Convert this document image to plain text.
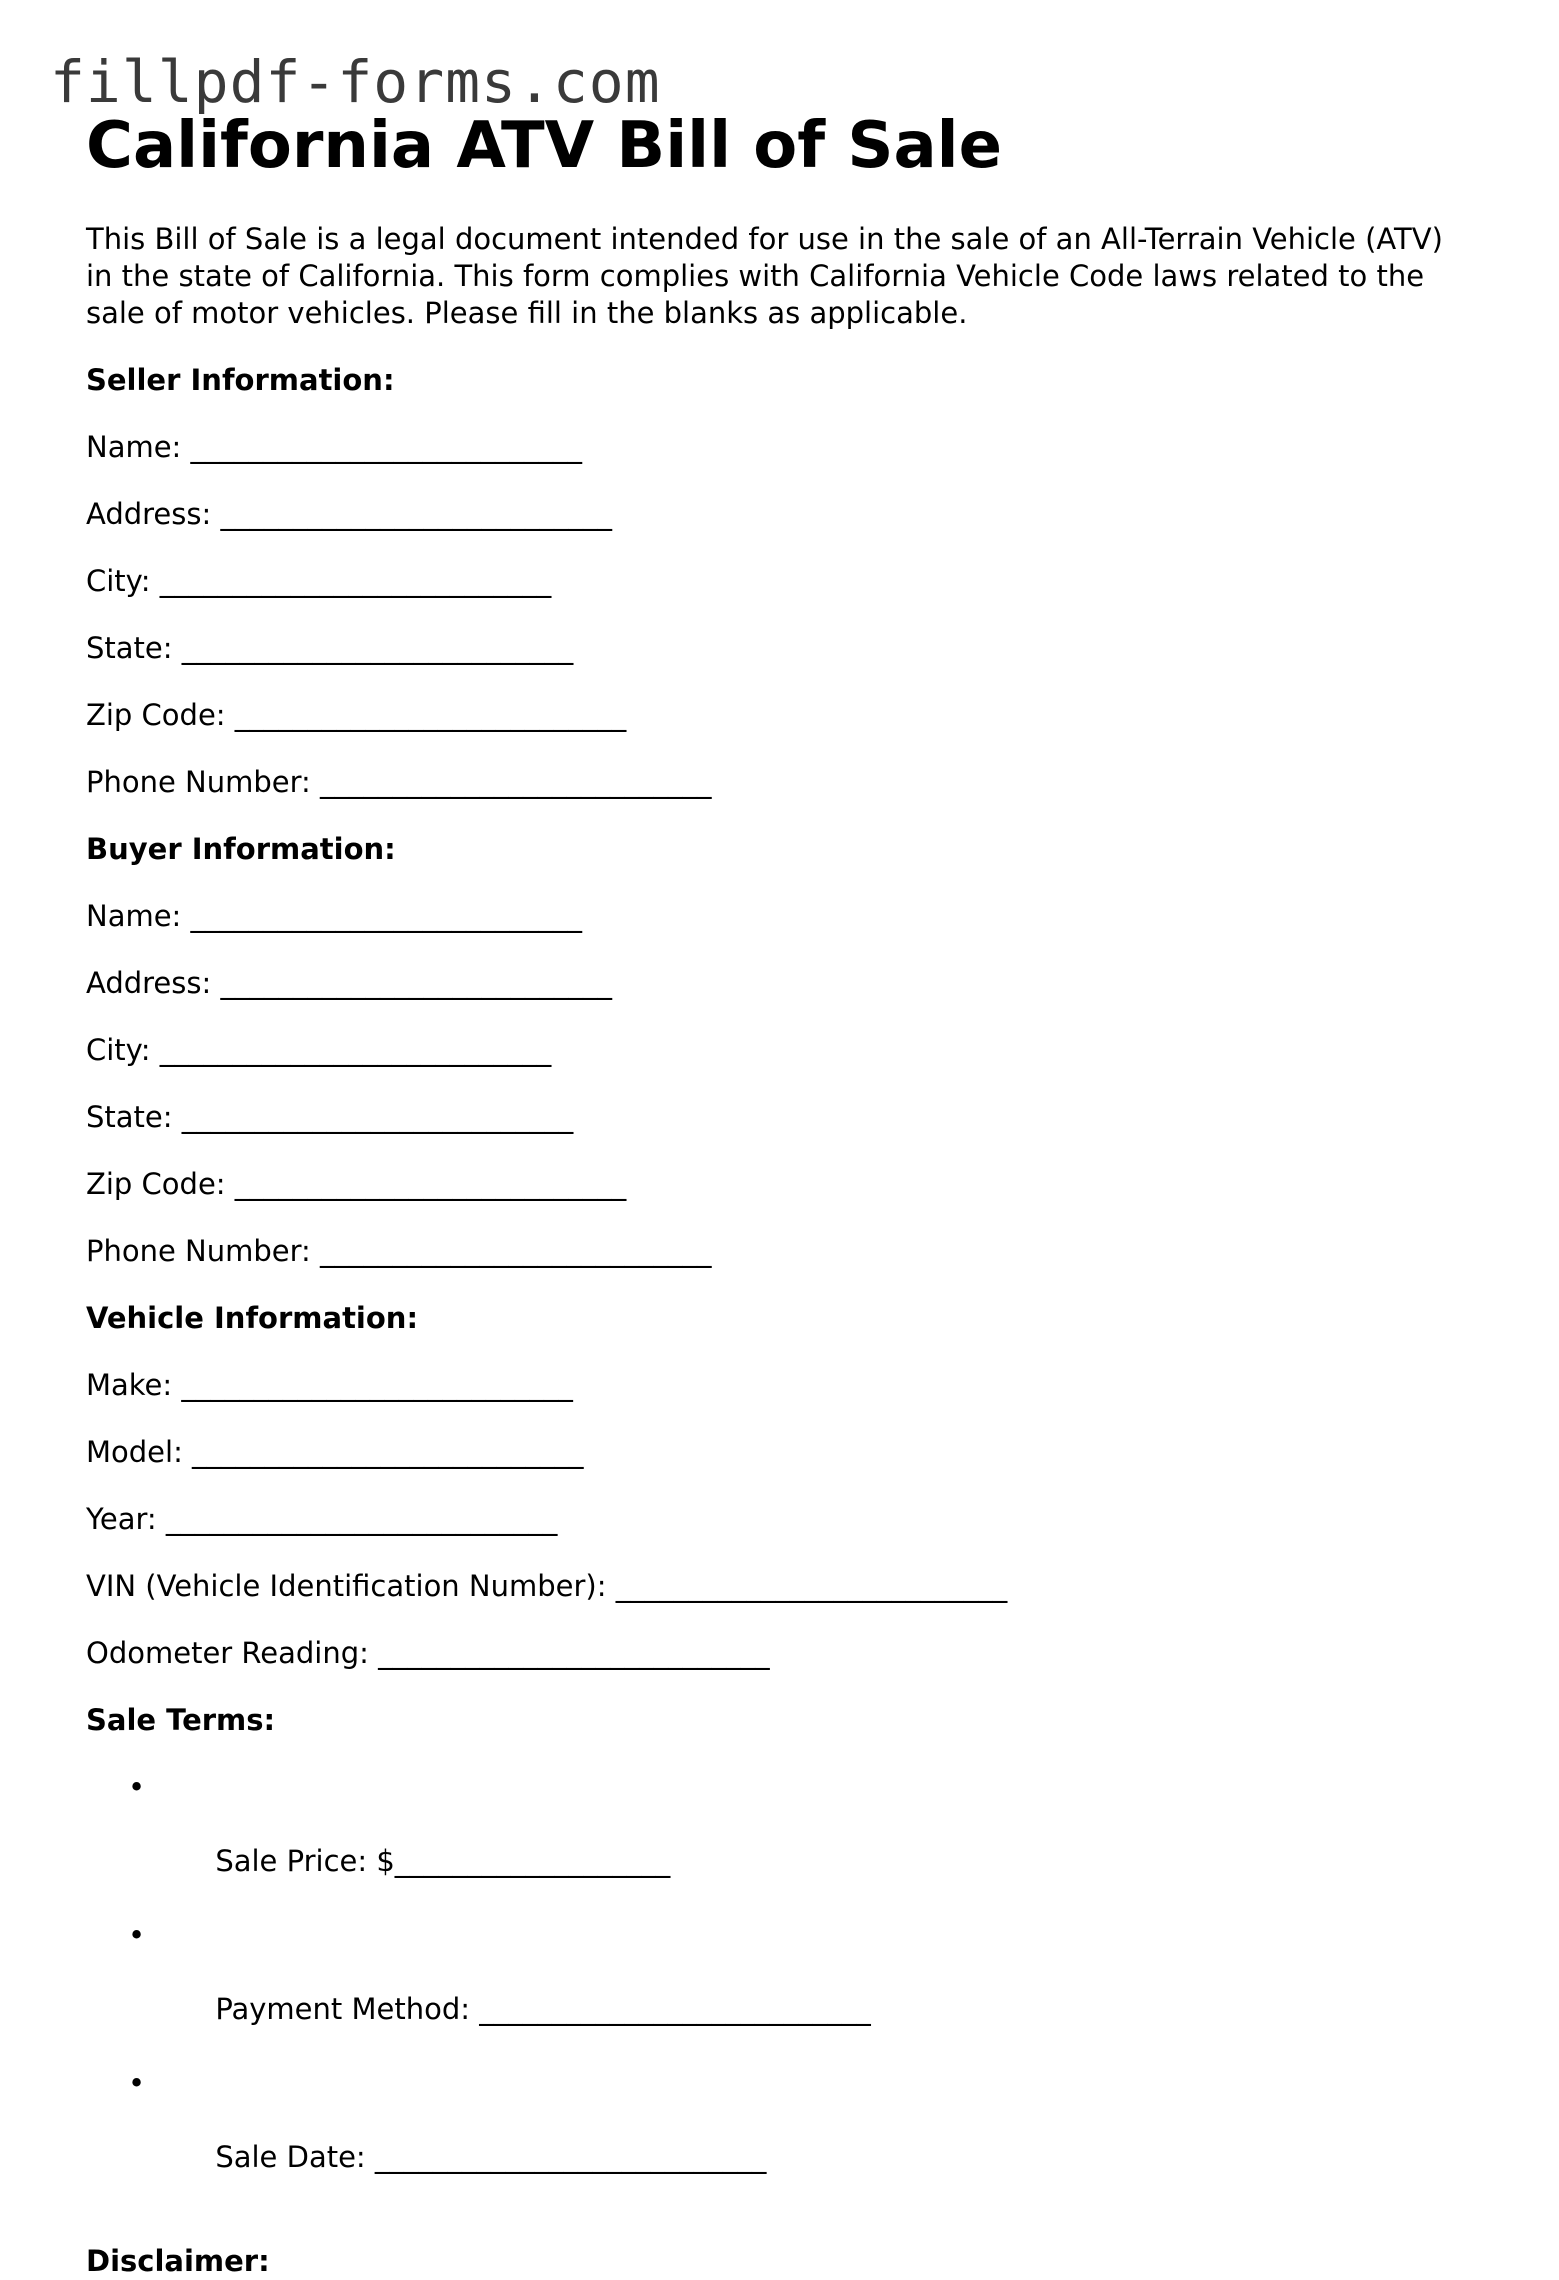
fillpdf-forms.com
California ATV Bill of Sale

This Bill of Sale is a legal document intended for use in the sale of an All-Terrain Vehicle (ATV) in the state of California. This form complies with California Vehicle Code laws related to the sale of motor vehicles. Please fill in the blanks as applicable.

Seller Information:

Name: ___________________________

Address: ___________________________

City: ___________________________

State: ___________________________

Zip Code: ___________________________

Phone Number: ___________________________

Buyer Information:

Name: ___________________________

Address: ___________________________

City: ___________________________

State: ___________________________

Zip Code: ___________________________

Phone Number: ___________________________

Vehicle Information:

Make: ___________________________

Model: ___________________________

Year: ___________________________

VIN (Vehicle Identification Number): ___________________________

Odometer Reading: ___________________________

Sale Terms:

•

Sale Price: $___________________

•

Payment Method: ___________________________

•

Sale Date: ___________________________

Disclaimer:
